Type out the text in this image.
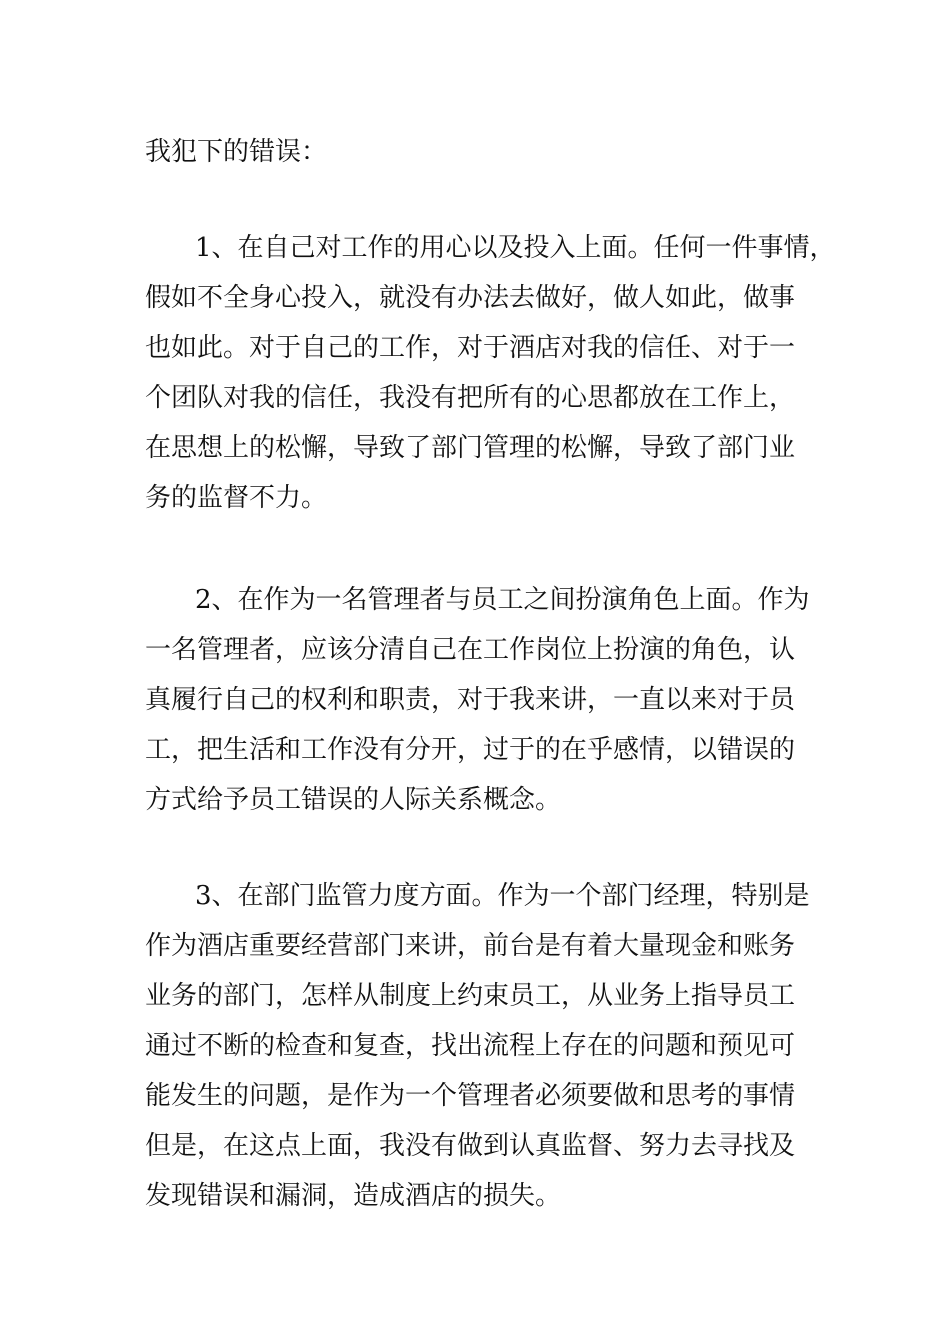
我犯下的错误：

1、在自己对工作的用心以及投入上面。任何一件事情，

假如不全身心投入，就没有办法去做好，做人如此，做事

也如此。对于自己的工作，对于酒店对我的信任、对于一

个团队对我的信任，我没有把所有的心思都放在工作上，

在思想上的松懈，导致了部门管理的松懈，导致了部门业

务的监督不力。

2、在作为一名管理者与员工之间扮演角色上面。作为

一名管理者，应该分清自己在工作岗位上扮演的角色，认

真履行自己的权利和职责，对于我来讲，一直以来对于员

工，把生活和工作没有分开，过于的在乎感情，以错误的

方式给予员工错误的人际关系概念。

3、在部门监管力度方面。作为一个部门经理，特别是

作为酒店重要经营部门来讲，前台是有着大量现金和账务

业务的部门，怎样从制度上约束员工，从业务上指导员工

通过不断的检查和复查，找出流程上存在的问题和预见可

能发生的问题，是作为一个管理者必须要做和思考的事情

但是，在这点上面，我没有做到认真监督、努力去寻找及

发现错误和漏洞，造成酒店的损失。
